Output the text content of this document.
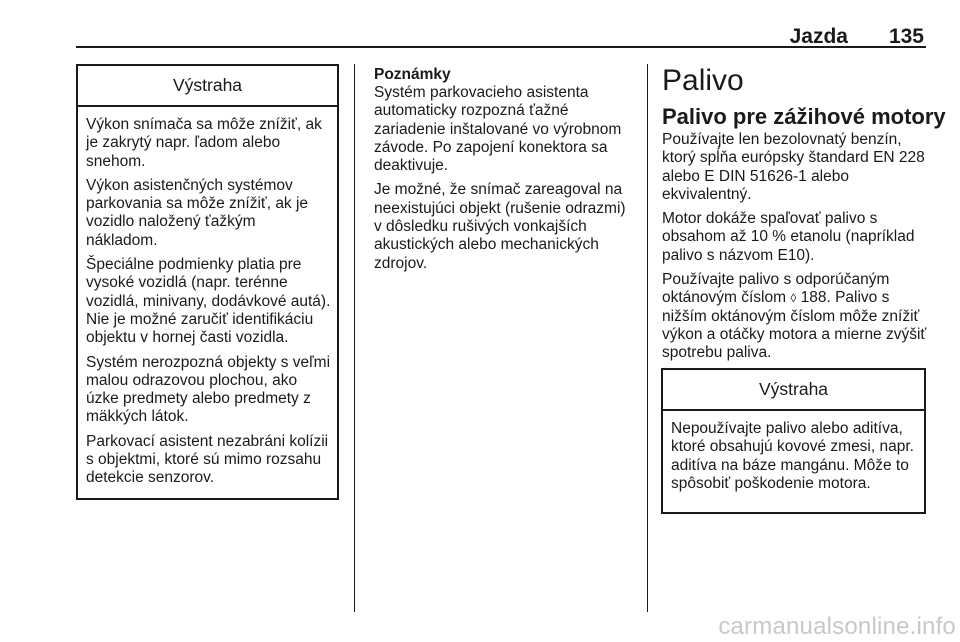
Jazda 135
Výstraha

Výkon snímača sa môže znížiť, ak je zakrytý napr. ľadom alebo snehom.

Výkon asistenčných systémov parkovania sa môže znížiť, ak je vozidlo naložený ťažkým nákladom.

Špeciálne podmienky platia pre vysoké vozidlá (napr. terénne vozidlá, minivany, dodávkové autá). Nie je možné zaručiť identifikáciu objektu v hornej časti vozidla.

Systém nerozpozná objekty s veľmi malou odrazovou plochou, ako úzke predmety alebo predmety z mäkkých látok.

Parkovací asistent nezabráni kolízii s objektmi, ktoré sú mimo rozsahu detekcie senzorov.

Poznámky

Systém parkovacieho asistenta automaticky rozpozná ťažné zariadenie inštalované vo výrobnom závode. Po zapojení konektora sa deaktivuje.

Je možné, že snímač zareagoval na neexistujúci objekt (rušenie odrazmi) v dôsledku rušivých vonkajších akustických alebo mechanických zdrojov.

Palivo
Palivo pre zážihové motory

Používajte len bezolovnatý benzín, ktorý spĺňa európsky štandard EN 228 alebo E DIN 51626-1 alebo ekvivalentný.

Motor dokáže spaľovať palivo s obsahom až 10 % etanolu (napríklad palivo s názvom E10).

Používajte palivo s odporúčaným oktánovým číslom ◊ 188. Palivo s nižším oktánovým číslom môže znížiť výkon a otáčky motora a mierne zvýšiť spotrebu paliva.

Výstraha

Nepoužívajte palivo alebo aditíva, ktoré obsahujú kovové zmesi, napr. aditíva na báze mangánu. Môže to spôsobiť poškodenie motora.

carmanualsonline.info
